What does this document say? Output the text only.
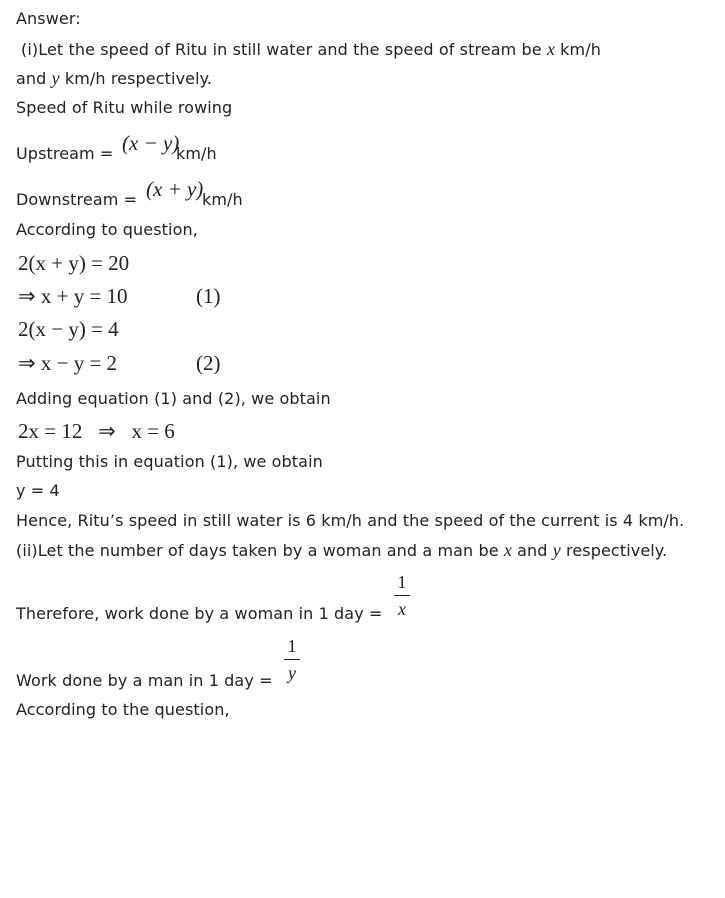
Answer:
(i)Let the speed of Ritu in still water and the speed of stream be x km/h
and y km/h respectively.
Speed of Ritu while rowing
Upstream = (x − y)
km/h
Downstream = (x + y)
km/h
According to question,
2(x + y) = 20
⇒ x + y = 10	(1)
2(x − y) = 4
⇒ x − y = 2	(2)
Adding equation (1) and (2), we obtain
2x = 12   ⇒   x = 6
Putting this in equation (1), we obtain
y = 4
Hence, Ritu’s speed in still water is 6 km/h and the speed of the current is 4 km/h.
(ii)Let the number of days taken by a woman and a man be x and y respectively.
Therefore, work done by a woman in 1 day =
1
x
Work done by a man in 1 day =
1
y
According to the question,
